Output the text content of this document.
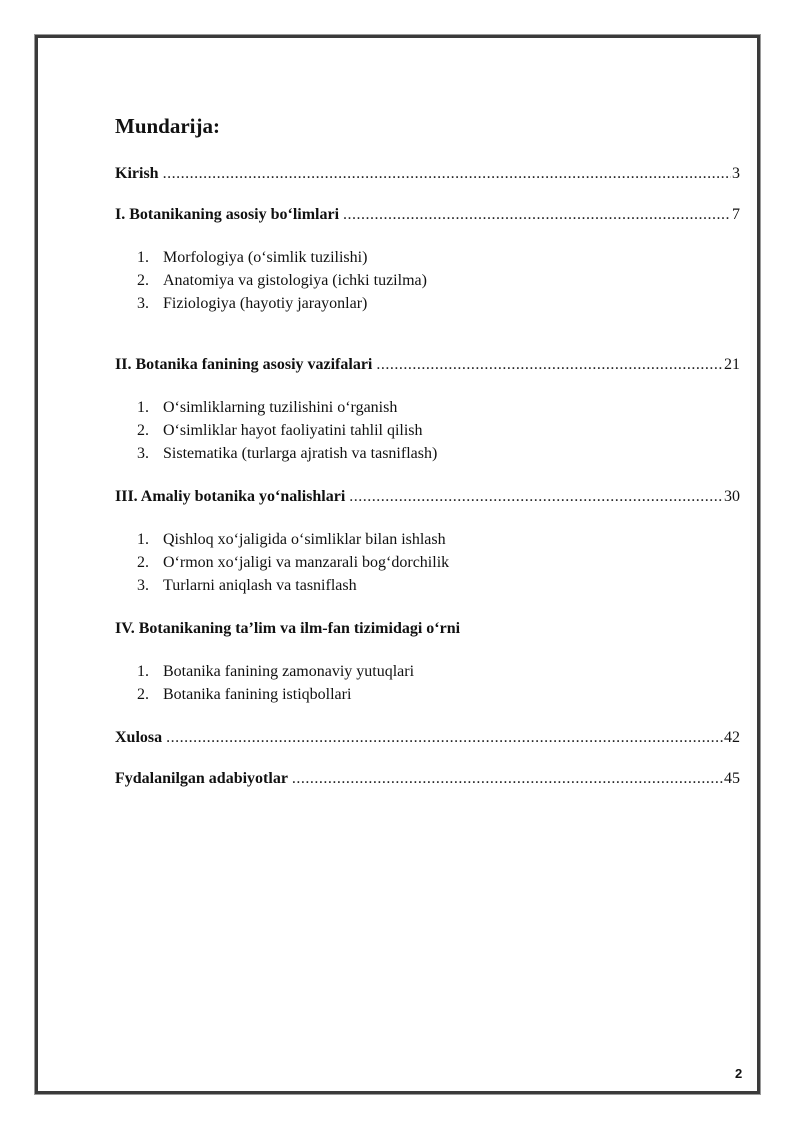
Mundarija:
Kirish .....	3
I. Botanikaning asosiy bo‘limlari .....	7
1. Morfologiya (o‘simlik tuzilishi)
2. Anatomiya va gistologiya (ichki tuzilma)
3. Fiziologiya (hayotiy jarayonlar)
II. Botanika fanining asosiy vazifalari .....	21
1. O‘simliklarning tuzilishini o‘rganish
2. O‘simliklar hayot faoliyatini tahlil qilish
3. Sistematika (turlarga ajratish va tasniflash)
III. Amaliy botanika yo‘nalishlari .....	30
1. Qishloq xo‘jaligida o‘simliklar bilan ishlash
2. O‘rmon xo‘jaligi va manzarali bog‘dorchilik
3. Turlarni aniqlash va tasniflash
IV. Botanikaning ta’lim va ilm-fan tizimidagi o‘rni
1. Botanika fanining zamonaviy yutuqlari
2. Botanika fanining istiqbollari
Xulosa .....	42
Fydalanilgan adabiyotlar .....	45
2
